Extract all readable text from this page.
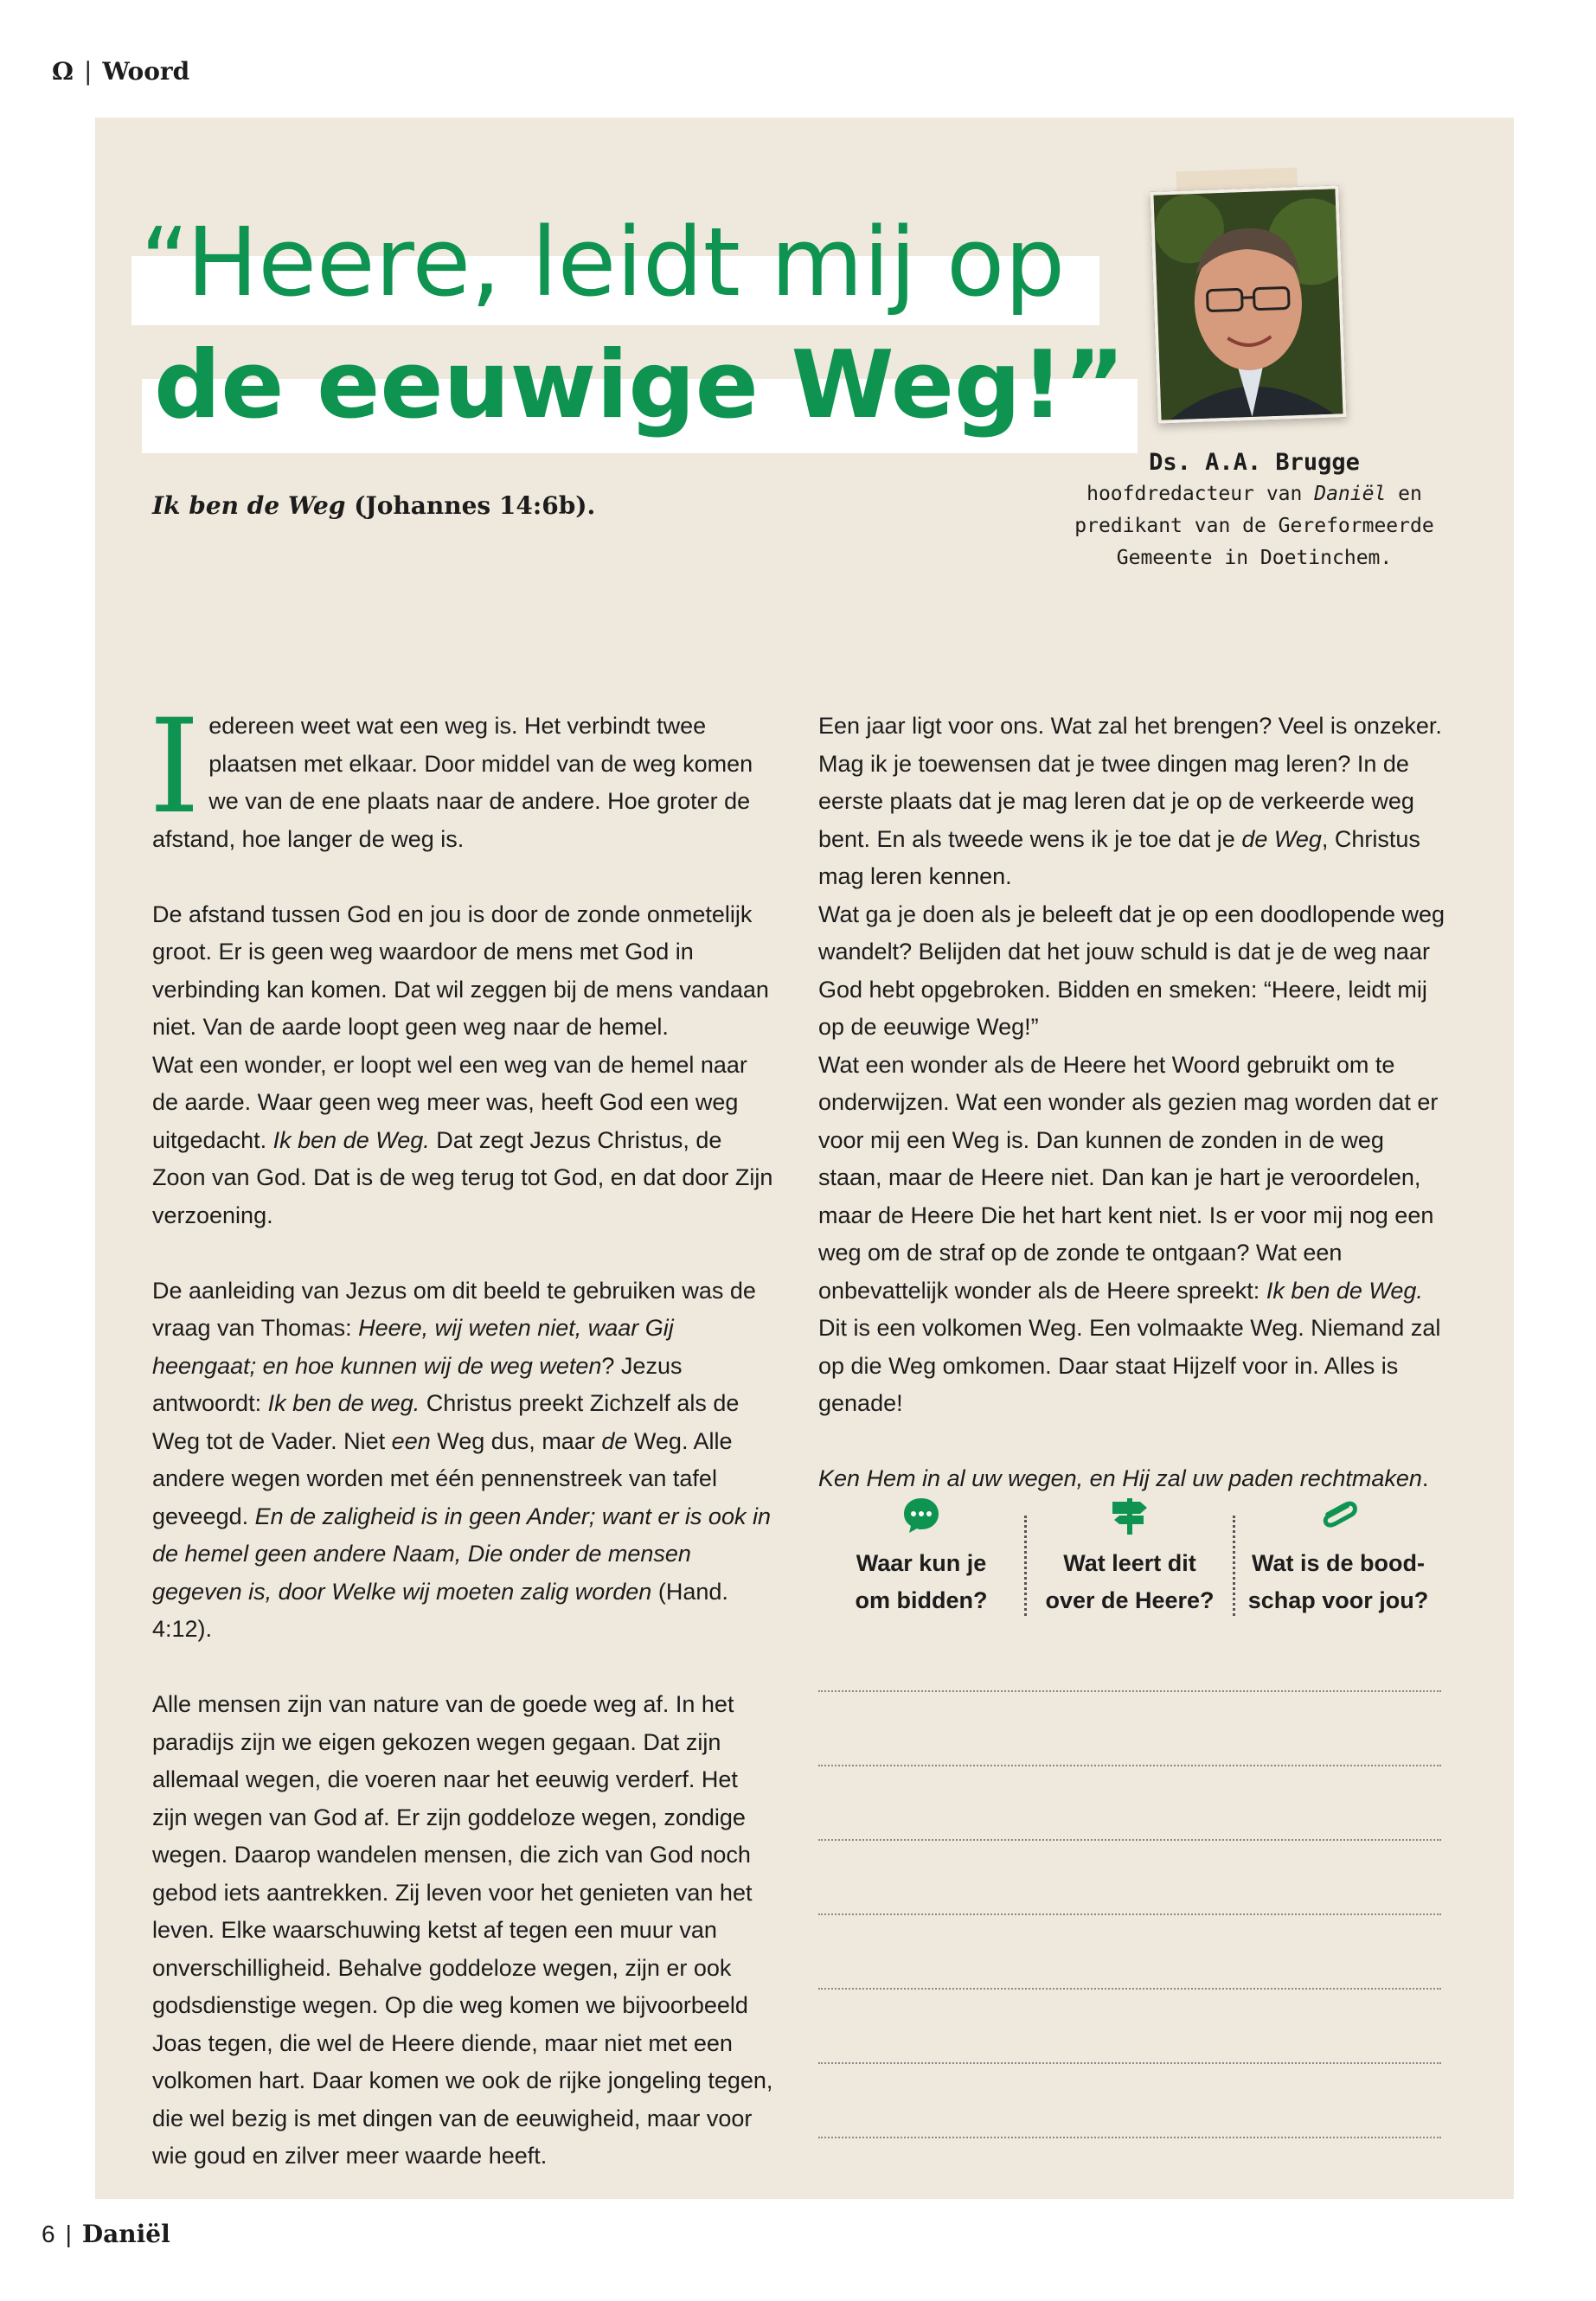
Ω | Woord
“Heere, leidt mij op
de eeuwige Weg!”
Ik ben de Weg (Johannes 14:6b).
Ds. A.A. Brugge
hoofdredacteur van Daniël en
predikant van de Gereformeerde
Gemeente in Doetinchem.

Iedereen weet wat een weg is. Het verbindt twee plaatsen met elkaar. Door middel van de weg komen we van de ene plaats naar de andere. Hoe groter de afstand, hoe langer de weg is.

De afstand tussen God en jou is door de zonde onmetelijk groot. Er is geen weg waardoor de mens met God in verbinding kan komen. Dat wil zeggen bij de mens vandaan niet. Van de aarde loopt geen weg naar de hemel.

Wat een wonder, er loopt wel een weg van de hemel naar de aarde. Waar geen weg meer was, heeft God een weg uitgedacht. Ik ben de Weg. Dat zegt Jezus Christus, de Zoon van God. Dat is de weg terug tot God, en dat door Zijn verzoening.

De aanleiding van Jezus om dit beeld te gebruiken was de vraag van Thomas: Heere, wij weten niet, waar Gij heengaat; en hoe kunnen wij de weg weten? Jezus antwoordt: Ik ben de weg. Christus preekt Zichzelf als de Weg tot de Vader. Niet een Weg dus, maar de Weg. Alle andere wegen worden met één pennenstreek van tafel geveegd. En de zaligheid is in geen Ander; want er is ook in de hemel geen andere Naam, Die onder de mensen gegeven is, door Welke wij moeten zalig worden (Hand. 4:12).

Alle mensen zijn van nature van de goede weg af. In het paradijs zijn we eigen gekozen wegen gegaan. Dat zijn allemaal wegen, die voeren naar het eeuwig verderf. Het zijn wegen van God af. Er zijn goddeloze wegen, zondige wegen. Daarop wandelen mensen, die zich van God noch gebod iets aantrekken. Zij leven voor het genieten van het leven. Elke waarschuwing ketst af tegen een muur van onverschilligheid. Behalve goddeloze wegen, zijn er ook godsdienstige wegen. Op die weg komen we bijvoorbeeld Joas tegen, die wel de Heere diende, maar niet met een volkomen hart. Daar komen we ook de rijke jongeling tegen, die wel bezig is met dingen van de eeuwigheid, maar voor wie goud en zilver meer waarde heeft.

Een jaar ligt voor ons. Wat zal het brengen? Veel is onzeker. Mag ik je toewensen dat je twee dingen mag leren? In de eerste plaats dat je mag leren dat je op de verkeerde weg bent. En als tweede wens ik je toe dat je de Weg, Christus mag leren kennen.

Wat ga je doen als je beleeft dat je op een doodlopende weg wandelt? Belijden dat het jouw schuld is dat je de weg naar God hebt opgebroken. Bidden en smeken: “Heere, leidt mij op de eeuwige Weg!”

Wat een wonder als de Heere het Woord gebruikt om te onderwijzen. Wat een wonder als gezien mag worden dat er voor mij een Weg is. Dan kunnen de zonden in de weg staan, maar de Heere niet. Dan kan je hart je veroordelen, maar de Heere Die het hart kent niet. Is er voor mij nog een weg om de straf op de zonde te ontgaan? Wat een onbevattelijk wonder als de Heere spreekt: Ik ben de Weg. Dit is een volkomen Weg. Een volmaakte Weg. Niemand zal op die Weg omkomen. Daar staat Hijzelf voor in. Alles is genade!

Ken Hem in al uw wegen, en Hij zal uw paden rechtmaken.

Waar kun je
om bidden?
Wat leert dit
over de Heere?
Wat is de bood-
schap voor jou?
6 | Daniël
